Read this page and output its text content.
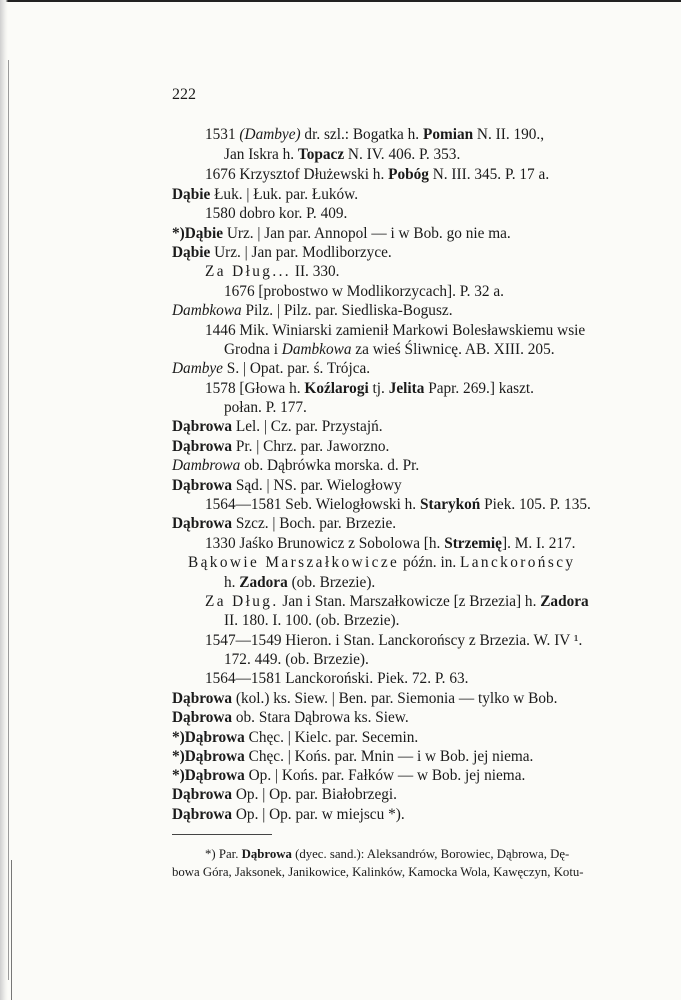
222
1531 (Dambye) dr. szl.: Bogatka h. Pomian N. II. 190.,
Jan Iskra h. Topacz N. IV. 406. P. 353.
1676 Krzysztof Dłużewski h. Pobóg N. III. 345. P. 17 a.
Dąbie Łuk. | Łuk. par. Łuków.
1580 dobro kor. P. 409.
*)Dąbie Urz. | Jan par. Annopol — i w Bob. go nie ma.
Dąbie Urz. | Jan par. Modliborzyce.
Za Dług... II. 330.
1676 [probostwo w Modlikorzycach]. P. 32 a.
Dambkowa Pilz. | Pilz. par. Siedliska-Bogusz.
1446 Mik. Winiarski zamienił Markowi Bolesławskiemu wsie
Grodna i Dambkowa za wieś Śliwnicę. AB. XIII. 205.
Dambye S. | Opat. par. ś. Trójca.
1578 [Głowa h. Koźlarogi tj. Jelita Papr. 269.] kaszt.
połan. P. 177.
Dąbrowa Lel. | Cz. par. Przystajń.
Dąbrowa Pr. | Chrz. par. Jaworzno.
Dambrowa ob. Dąbrówka morska. d. Pr.
Dąbrowa Sąd. | NS. par. Wielogłowy
1564—1581 Seb. Wielogłowski h. Starykoń Piek. 105. P. 135.
Dąbrowa Szcz. | Boch. par. Brzezie.
1330 Jaśko Brunowicz z Sobolowa [h. Strzemię]. M. I. 217.
Bąkowie Marszałkowicze późn. in. Lanckorońscy
h. Zadora (ob. Brzezie).
Za Dług. Jan i Stan. Marszałkowicze [z Brzezia] h. Zadora
II. 180. I. 100. (ob. Brzezie).
1547—1549 Hieron. i Stan. Lanckorońscy z Brzezia. W. IV ¹.
172. 449. (ob. Brzezie).
1564—1581 Lanckoroński. Piek. 72. P. 63.
Dąbrowa (kol.) ks. Siew. | Ben. par. Siemonia — tylko w Bob.
Dąbrowa ob. Stara Dąbrowa ks. Siew.
*)Dąbrowa Chęc. | Kielc. par. Secemin.
*)Dąbrowa Chęc. | Końs. par. Mnin — i w Bob. jej niema.
*)Dąbrowa Op. | Końs. par. Fałków — w Bob. jej niema.
Dąbrowa Op. | Op. par. Białobrzegi.
Dąbrowa Op. | Op. par. w miejscu *).
*) Par. Dąbrowa (dyec. sand.): Aleksandrów, Borowiec, Dąbrowa, Dę-
bowa Góra, Jaksonek, Janikowice, Kalinków, Kamocka Wola, Kawęczyn, Kotu-
